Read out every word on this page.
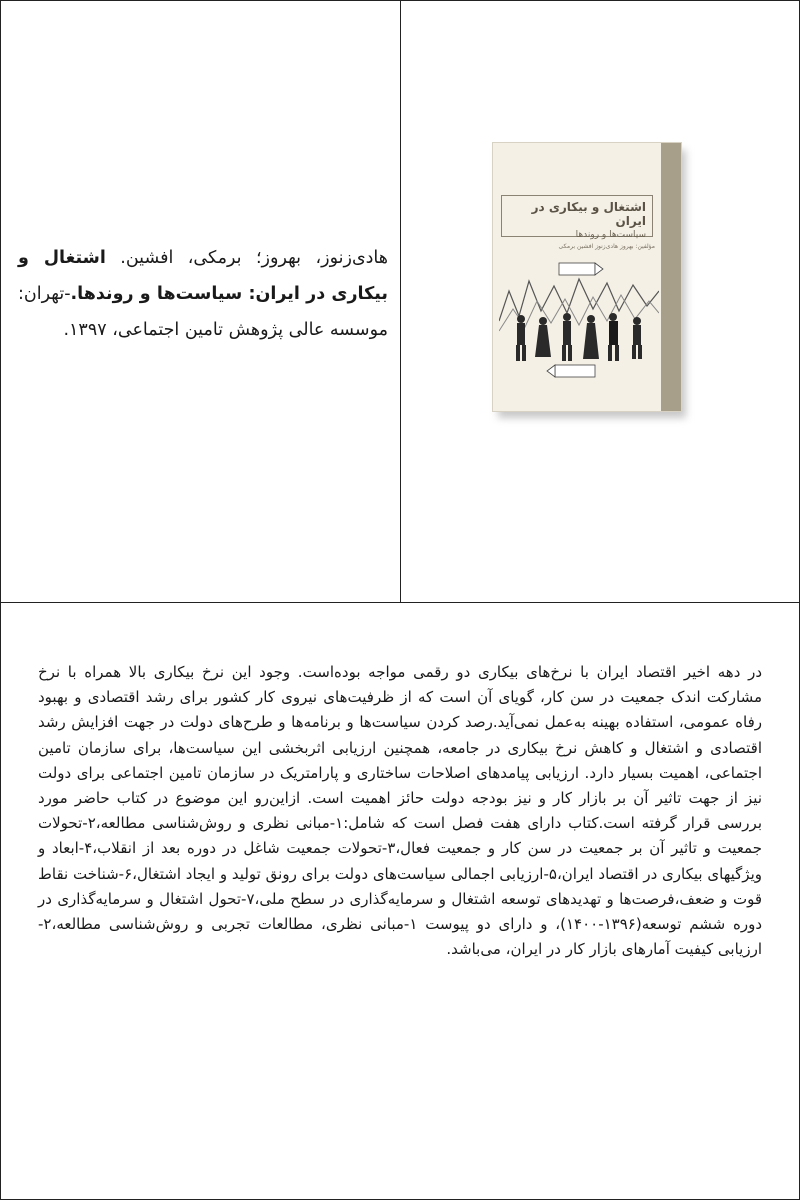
هادی‌زنوز، بهروز؛ برمکی، افشین. اشتغال و بیکاری در ایران: سیاست‌ها و روندها.-تهران: موسسه عالی پژوهش تامین اجتماعی، ۱۳۹۷.
اشتغال و بیکاری در ایران
سیاست‌ها و روندها
مؤلفین: بهروز هادی‌زنوز افشین برمکی
در دهه اخیر اقتصاد ایران با نرخ‌های بیکاری دو رقمی مواجه بوده‌است. وجود این نرخ بیکاری بالا همراه با نرخ مشارکت اندک جمعیت در سن کار، گویای آن است که از ظرفیت‌های نیروی کار کشور برای رشد اقتصادی و بهبود رفاه عمومی، استفاده بهینه به‌عمل نمی‌آید.رصد کردن سیاست‌ها و برنامه‌ها و طرح‌های دولت در جهت افزایش رشد اقتصادی و اشتغال و کاهش نرخ بیکاری در جامعه، همچنین ارزیابی اثربخشی این سیاست‌ها، برای سازمان تامین اجتماعی، اهمیت بسیار دارد. ارزیابی پیامدهای اصلاحات ساختاری و پارامتریک در سازمان تامین اجتماعی برای دولت نیز از جهت تاثیر آن بر بازار کار و نیز بودجه دولت حائز اهمیت است. ازاین‌رو این موضوع در کتاب حاضر مورد بررسی قرار گرفته است.کتاب دارای هفت فصل است که شامل:۱-مبانی نظری و روش‌شناسی مطالعه،۲-تحولات جمعیت و تاثیر آن بر جمعیت در سن کار و جمعیت فعال،۳-تحولات جمعیت شاغل در دوره بعد از انقلاب،۴-ابعاد و ویژگیهای بیکاری در اقتصاد ایران،۵-ارزیابی اجمالی سیاست‌های دولت برای رونق تولید و ایجاد اشتغال،۶-شناخت نقاط قوت و ضعف،فرصت‌ها و تهدیدهای توسعه اشتغال و سرمایه‌گذاری در سطح ملی،۷-تحول اشتغال و سرمایه‌گذاری در دوره ششم توسعه(۱۳۹۶-۱۴۰۰)، و دارای دو پیوست ۱-مبانی نظری، مطالعات تجربی و روش‌شناسی مطالعه،۲-ارزیابی کیفیت آمارهای بازار کار در ایران، می‌باشد.
